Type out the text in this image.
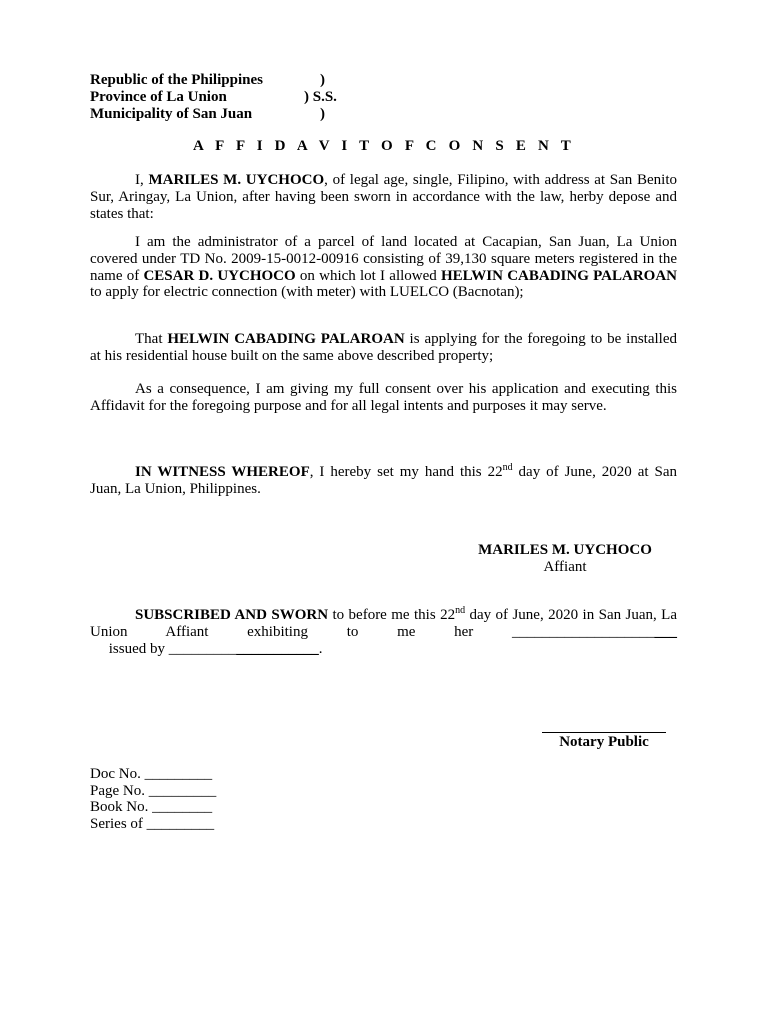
Republic of the Philippines	)
Province of La Union	) S.S.
Municipality of San Juan	)
A F F I D A V I T O F C O N S E N T
I, MARILES M. UYCHOCO, of legal age, single, Filipino, with address at San Benito Sur, Aringay, La Union, after having been sworn in accordance with the law, herby depose and states that:
I am the administrator of a parcel of land located at Cacapian, San Juan, La Union covered under TD No. 2009-15-0012-00916 consisting of 39,130 square meters registered in the name of CESAR D. UYCHOCO on which lot I allowed HELWIN CABADING PALAROAN to apply for electric connection (with meter) with LUELCO (Bacnotan);
That HELWIN CABADING PALAROAN is applying for the foregoing to be installed at his residential house built on the same above described property;
As a consequence, I am giving my full consent over his application and executing this Affidavit for the foregoing purpose and for all legal intents and purposes it may serve.
IN WITNESS WHEREOF, I hereby set my hand this 22nd day of June, 2020 at San Juan, La Union, Philippines.
MARILES M. UYCHOCO
Affiant
SUBSCRIBED AND SWORN to before me this 22nd day of June, 2020 in San Juan, La Union Affiant exhibiting to me her ______________________     issued by ____________________.
Notary Public
Doc No. _________
Page No. _________
Book No. ________
Series of _________
